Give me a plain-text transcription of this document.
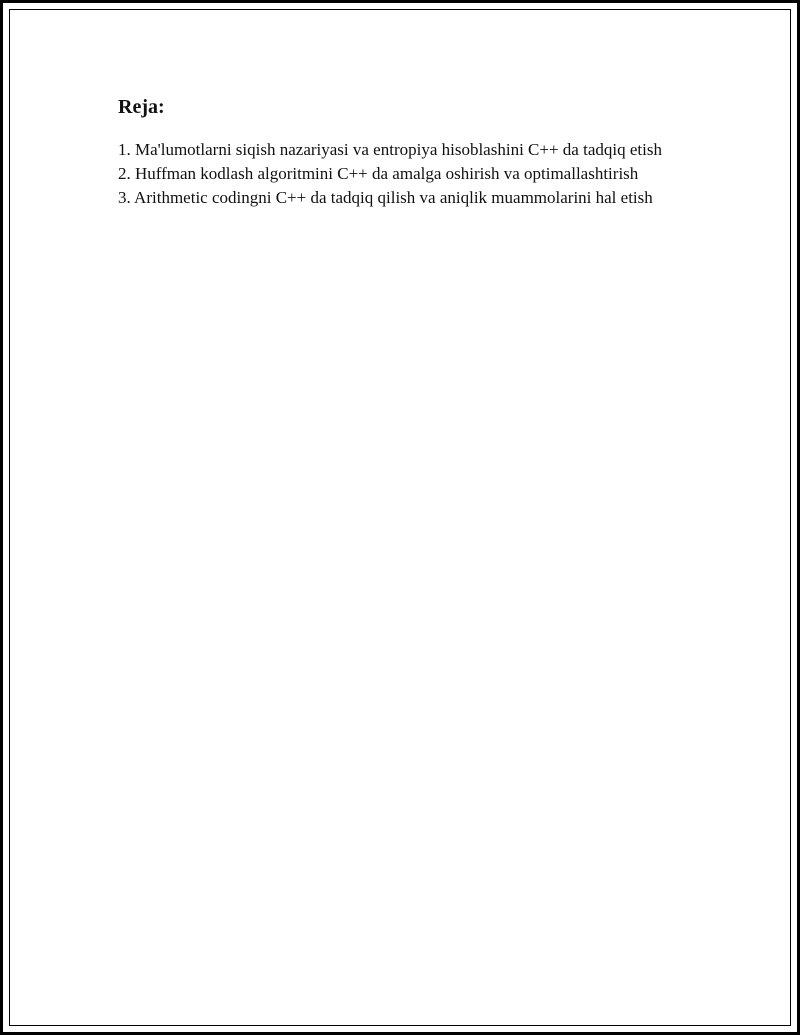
Reja:
1. Ma'lumotlarni siqish nazariyasi va entropiya hisoblashini C++ da tadqiq etish
2. Huffman kodlash algoritmini C++ da amalga oshirish va optimallashtirish
3. Arithmetic codingni C++ da tadqiq qilish va aniqlik muammolarini hal etish
